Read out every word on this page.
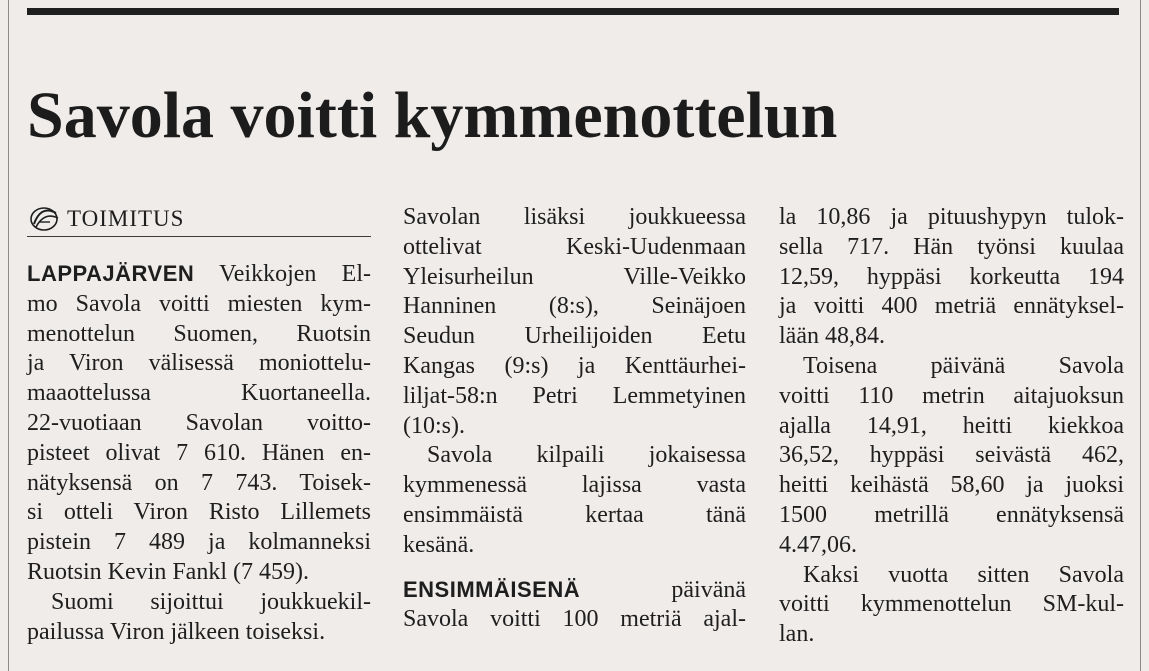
Savola voitti kymmenottelun
TOIMITUS
LAPPAJÄRVEN Veikkojen El-
mo Savola voitti miesten kym-
menottelun Suomen, Ruotsin
ja Viron välisessä moniottelu-
maaottelussa Kuortaneella.
22-vuotiaan Savolan voitto-
pisteet olivat 7 610. Hänen en-
nätyksensä on 7 743. Toisek-
si otteli Viron Risto Lillemets
pistein 7 489 ja kolmanneksi
Ruotsin Kevin Fankl (7 459).
Suomi sijoittui joukkuekil-
pailussa Viron jälkeen toiseksi.
Savolan lisäksi joukkueessa
ottelivat Keski-Uudenmaan
Yleisurheilun Ville-Veikko
Hanninen (8:s), Seinäjoen
Seudun Urheilijoiden Eetu
Kangas (9:s) ja Kenttäurhei-
liljat-58:n Petri Lemmetyinen
(10:s).
Savola kilpaili jokaisessa
kymmenessä lajissa vasta
ensimmäistä kertaa tänä
kesänä.

ENSIMMÄISENÄ päivänä
Savola voitti 100 metriä ajal-
la 10,86 ja pituushypyn tulok-
sella 717. Hän työnsi kuulaa
12,59, hyppäsi korkeutta 194
ja voitti 400 metriä ennätyksel-
lään 48,84.
Toisena päivänä Savola
voitti 110 metrin aitajuoksun
ajalla 14,91, heitti kiekkoa
36,52, hyppäsi seivästä 462,
heitti keihästä 58,60 ja juoksi
1500 metrillä ennätyksensä
4.47,06.
Kaksi vuotta sitten Savola
voitti kymmenottelun SM-kul-
lan.
